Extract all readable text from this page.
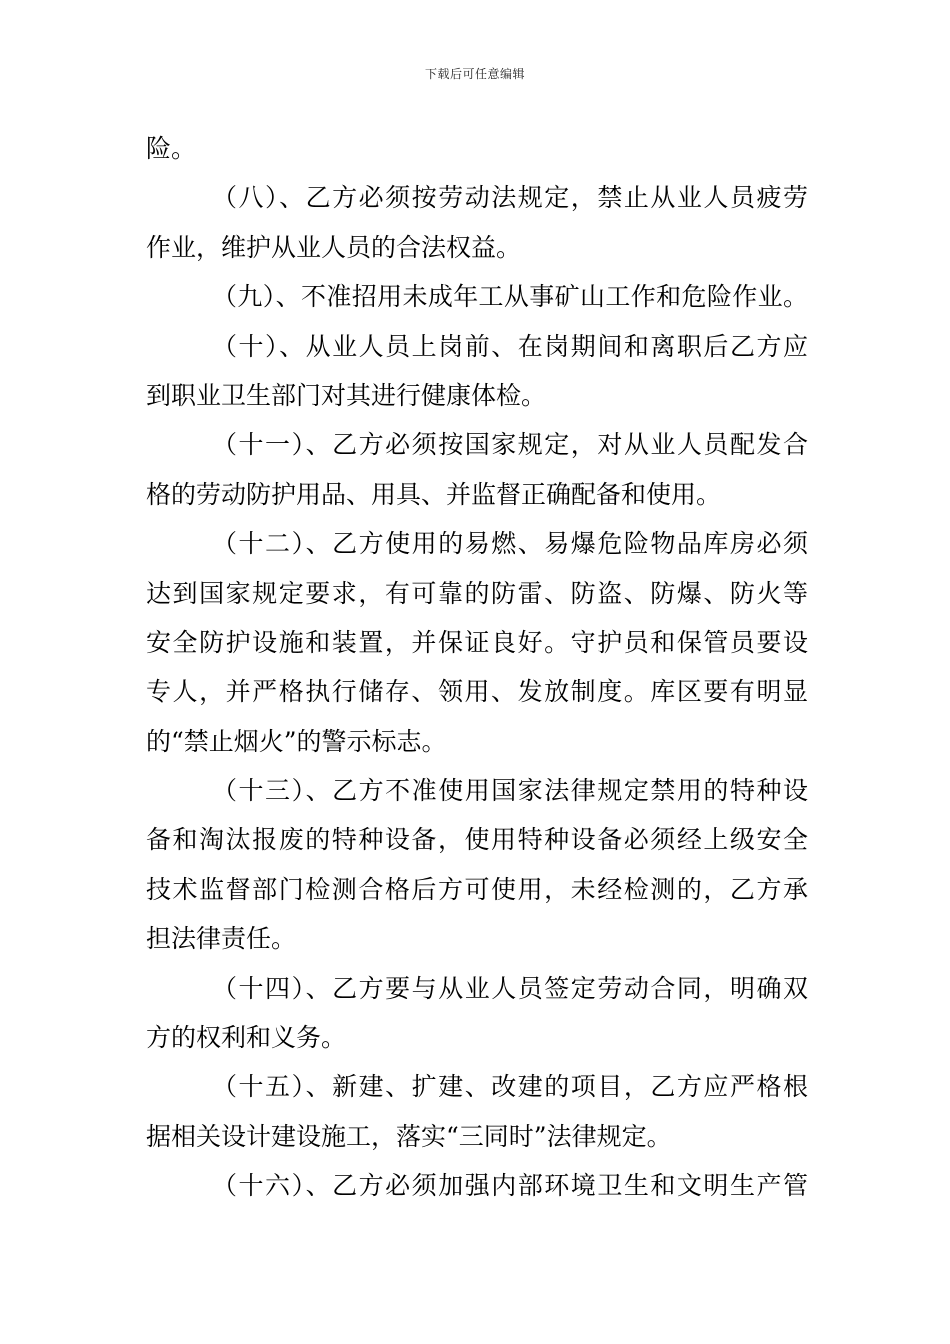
下载后可任意编辑
险。
（八）、乙方必须按劳动法规定，禁止从业人员疲劳
作业，维护从业人员的合法权益。
（九）、不准招用未成年工从事矿山工作和危险作业。
（十）、从业人员上岗前、在岗期间和离职后乙方应
到职业卫生部门对其进行健康体检。
（十一）、乙方必须按国家规定，对从业人员配发合
格的劳动防护用品、用具、并监督正确配备和使用。
（十二）、乙方使用的易燃、易爆危险物品库房必须
达到国家规定要求，有可靠的防雷、防盗、防爆、防火等
安全防护设施和装置，并保证良好。守护员和保管员要设
专人，并严格执行储存、领用、发放制度。库区要有明显
的“禁止烟火”的警示标志。
（十三）、乙方不准使用国家法律规定禁用的特种设
备和淘汰报废的特种设备，使用特种设备必须经上级安全
技术监督部门检测合格后方可使用，未经检测的，乙方承
担法律责任。
（十四）、乙方要与从业人员签定劳动合同，明确双
方的权利和义务。
（十五）、新建、扩建、改建的项目，乙方应严格根
据相关设计建设施工，落实“三同时”法律规定。
（十六）、乙方必须加强内部环境卫生和文明生产管
